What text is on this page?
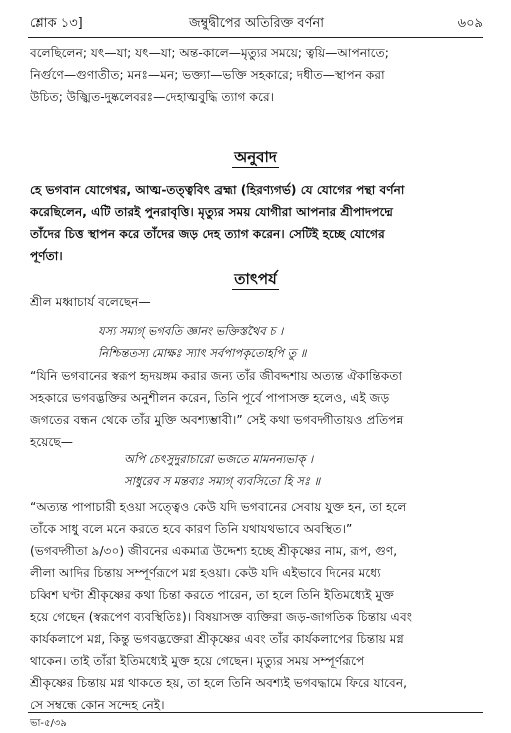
শ্লোক ১৩]	জম্বুদ্বীপের অতিরিক্ত বর্ণনা	৬০৯
বলেছিলেন; যৎ—যা; যৎ—যা; অন্ত-কালে—মৃত্যুর সময়ে; ত্বয়ি—আপনাতে;
নির্গুণে—গুণাতীত; মনঃ—মন; ভক্ত্যা—ভক্তি সহকারে; দধীত—স্থাপন করা
উচিত; উজ্ঝিত-দুষ্কলেবরঃ—দেহাত্মবুদ্ধি ত্যাগ করে।
অনুবাদ
হে ভগবান যোগেশ্বর, আত্ম-তত্ত্ববিৎ ব্রহ্মা (হিরণ্যগর্ভ) যে যোগের পন্থা বর্ণনা
করেছিলেন, এটি তারই পুনরাবৃত্তি। মৃত্যুর সময় যোগীরা আপনার শ্রীপাদপদ্মে
তাঁদের চিত্ত স্থাপন করে তাঁদের জড় দেহ ত্যাগ করেন। সেটিই হচ্ছে যোগের
পূর্ণতা।
তাৎপর্য
শ্রীল মধ্বাচার্য বলেছেন—
যস্য সম্যগ্ ভগবতি জ্ঞানং ভক্তিস্তথৈব চ ।
নিশ্চিন্ততস্য মোক্ষঃ স্যাৎ সর্বপাপকৃতোহপি তু ॥
“যিনি ভগবানের স্বরূপ হৃদয়ঙ্গম করার জন্য তাঁর জীবদ্দশায় অত্যন্ত ঐকান্তিকতা
সহকারে ভগবদ্ভক্তির অনুশীলন করেন, তিনি পূর্বে পাপাসক্ত হলেও, এই জড়
জগতের বন্ধন থেকে তাঁর মুক্তি অবশ্যম্ভাবী।” সেই কথা ভগবদ্গীতায়ও প্রতিপন্ন
হয়েছে—
অপি চেৎসুদুরাচারো ভজতে মামনন্যভাক্ ।
সাধুরেব স মন্তব্যঃ সম্যগ্ ব্যবসিতো হি সঃ ॥
“অত্যন্ত পাপাচারী হওয়া সত্ত্বেও কেউ যদি ভগবানের সেবায় যুক্ত হন, তা হলে
তাঁকে সাধু বলে মনে করতে হবে কারণ তিনি যথাযথভাবে অবস্থিত।”
(ভগবদ্গীতা ৯/৩০) জীবনের একমাত্র উদ্দেশ্য হচ্ছে শ্রীকৃষ্ণের নাম, রূপ, গুণ,
লীলা আদির চিন্তায় সম্পূর্ণরূপে মগ্ন হওয়া। কেউ যদি এইভাবে দিনের মধ্যে
চব্বিশ ঘণ্টা শ্রীকৃষ্ণের কথা চিন্তা করতে পারেন, তা হলে তিনি ইতিমধ্যেই মুক্ত
হয়ে গেছেন (স্বরূপেণ ব্যবস্থিতিঃ)। বিষয়াসক্ত ব্যক্তিরা জড়-জাগতিক চিন্তায় এবং
কার্যকলাপে মগ্ন, কিন্তু ভগবদ্ভক্তেরা শ্রীকৃষ্ণের এবং তাঁর কার্যকলাপের চিন্তায় মগ্ন
থাকেন। তাই তাঁরা ইতিমধ্যেই মুক্ত হয়ে গেছেন। মৃত্যুর সময় সম্পূর্ণরূপে
শ্রীকৃষ্ণের চিন্তায় মগ্ন থাকতে হয়, তা হলে তিনি অবশ্যই ভগবদ্ধামে ফিরে যাবেন,
সে সম্বন্ধে কোন সন্দেহ নেই।
ভা-৫/৩৯
